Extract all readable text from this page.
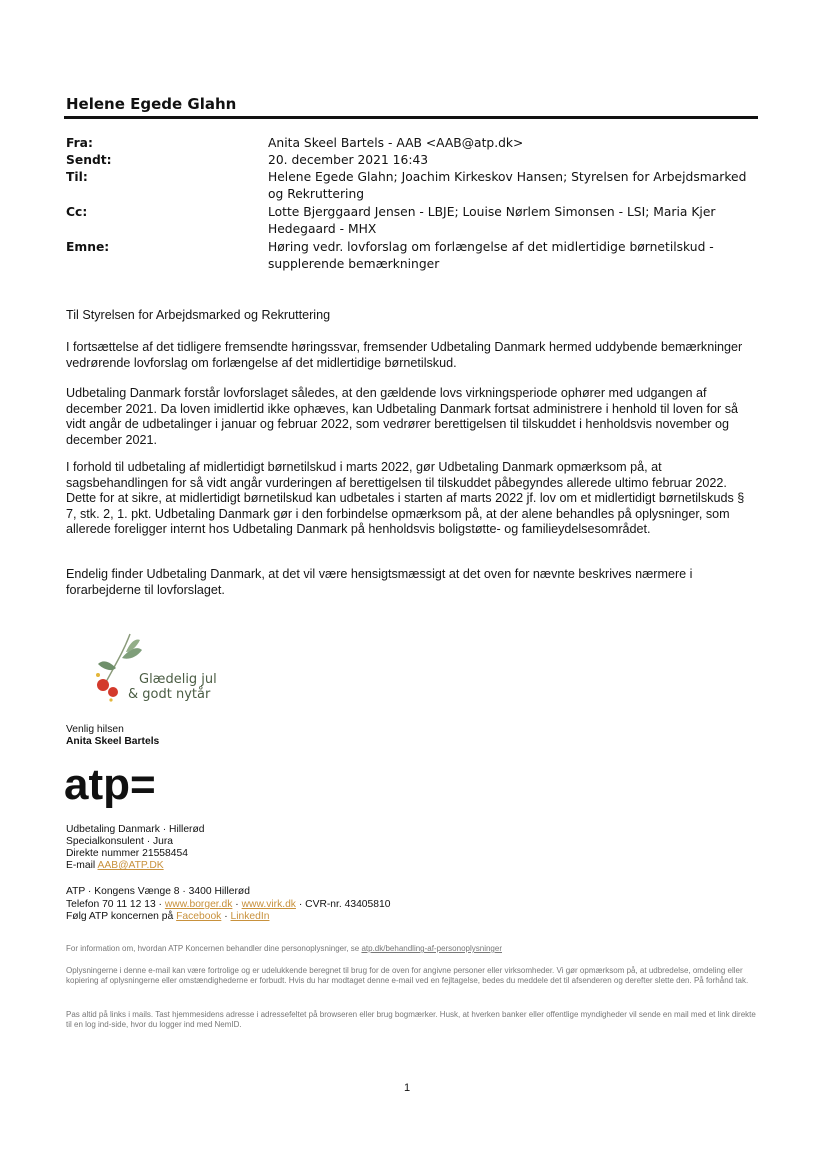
Helene Egede Glahn
Fra:	Anita Skeel Bartels - AAB <AAB@atp.dk>
Sendt:	20. december 2021 16:43
Til:	Helene Egede Glahn; Joachim Kirkeskov Hansen; Styrelsen for Arbejdsmarked og Rekruttering
Cc:	Lotte Bjerggaard Jensen - LBJE; Louise Nørlem Simonsen - LSI; Maria Kjer Hedegaard - MHX
Emne:	Høring vedr. lovforslag om forlængelse af det midlertidige børnetilskud - supplerende bemærkninger
Til Styrelsen for Arbejdsmarked og Rekruttering
I fortsættelse af det tidligere fremsendte høringssvar, fremsender Udbetaling Danmark hermed uddybende bemærkninger vedrørende lovforslag om forlængelse af det midlertidige børnetilskud.
Udbetaling Danmark forstår lovforslaget således, at den gældende lovs virkningsperiode ophører med udgangen af december 2021. Da loven imidlertid ikke ophæves, kan Udbetaling Danmark fortsat administrere i henhold til loven for så vidt angår de udbetalinger i januar og februar 2022, som vedrører berettigelsen til tilskuddet i henholdsvis november og december 2021.
I forhold til udbetaling af midlertidigt børnetilskud i marts 2022, gør Udbetaling Danmark opmærksom på, at sagsbehandlingen for så vidt angår vurderingen af berettigelsen til tilskuddet påbegyndes allerede ultimo februar 2022. Dette for at sikre, at midlertidigt børnetilskud kan udbetales i starten af marts 2022 jf. lov om et midlertidigt børnetilskuds § 7, stk. 2, 1. pkt. Udbetaling Danmark gør i den forbindelse opmærksom på, at der alene behandles på oplysninger, som allerede foreligger internt hos Udbetaling Danmark på henholdsvis boligstøtte- og familieydelsesområdet.
Endelig finder Udbetaling Danmark, at det vil være hensigtsmæssigt at det oven for nævnte beskrives nærmere i forarbejderne til lovforslaget.
Glædelig jul
& godt nytår
Venlig hilsen
Anita Skeel Bartels
atp=
Udbetaling Danmark · Hillerød
Specialkonsulent · Jura
Direkte nummer 21558454
E-mail AAB@ATP.DK
ATP · Kongens Vænge 8 · 3400 Hillerød
Telefon 70 11 12 13 · www.borger.dk · www.virk.dk · CVR-nr. 43405810
Følg ATP koncernen på Facebook · LinkedIn
For information om, hvordan ATP Koncernen behandler dine personoplysninger, se atp.dk/behandling-af-personoplysninger
Oplysningerne i denne e-mail kan være fortrolige og er udelukkende beregnet til brug for de oven for angivne personer eller virksomheder. Vi gør opmærksom på, at udbredelse, omdeling eller kopiering af oplysningerne eller omstændighederne er forbudt. Hvis du har modtaget denne e-mail ved en fejltagelse, bedes du meddele det til afsenderen og derefter slette den. På forhånd tak.
Pas altid på links i mails. Tast hjemmesidens adresse i adressefeltet på browseren eller brug bogmærker. Husk, at hverken banker eller offentlige myndigheder vil sende en mail med et link direkte til en log ind-side, hvor du logger ind med NemID.
1
